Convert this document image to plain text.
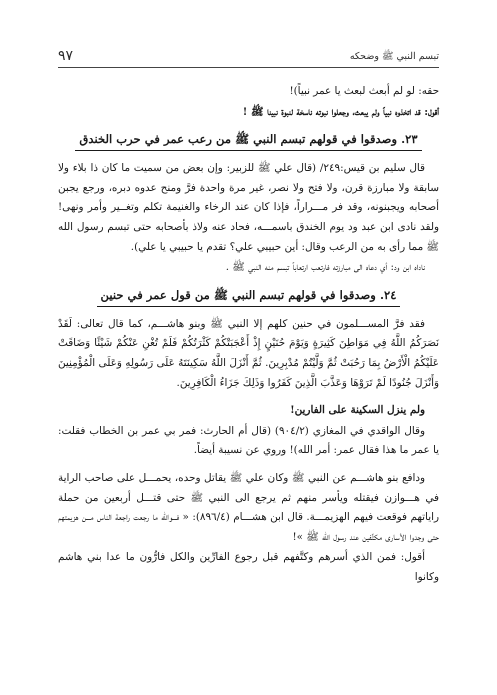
تبسم النبي ﷺ وضحكه
٩٧

حقه: لو لم أبعث لبعث يا عمر نبياً)!

أقول: قد اتخذوه نبياً ولم يبعث، وجعلوا نبوته ناسخة لنبوة نبينا ﷺ !

٢٣. وصدقوا في قولهم تبسم النبي ﷺ من رعب عمر في حرب الخندق

قال سليم بن قيس:٢٤٩/ (قال علي ﷺ للزبير: وإن بعض من سميت ما كان ذا بلاء ولا سابقة ولا مبارزة قرن، ولا فتح ولا نصر، غير مرة واحدة فرَّ ومنح عدوه دبره، ورجع يجبن أصحابه ويجبنونه، وقد فر مـــراراً، فإذا كان عند الرخاء والغنيمة تكلم وتغــير وأمر ونهى! ولقد نادى ابن عبد ود يوم الخندق باسمـــه، فحاد عنه ولاذ بأصحابه حتى تبسم رسول الله ﷺ مما رأى به من الرعب وقال: أين حبيبي علي؟ تقدم يا حبيبي يا علي).

ناداه ابن ود: أي دعاه الى مبارزته فارتعب ارتعاباً تبسم منه النبي ﷺ .

٢٤. وصدقوا في قولهم تبسم النبي ﷺ من قول عمر في حنين

فقد فرَّ المســـلمون في حنين كلهم إلا النبي ﷺ وبنو هاشـــم، كما قال تعالى: لَقَدْ نَصَرَكُمُ اللَّهُ فِي مَوَاطِنَ كَثِيرَةٍ وَيَوْمَ حُنَيْنٍ إِذْ أَعْجَبَتْكُمْ كَثْرَتُكُمْ فَلَمْ تُغْنِ عَنْكُمْ شَيْئًا وَضَاقَتْ عَلَيْكُمُ الْأَرْضُ بِمَا رَحُبَتْ ثُمَّ وَلَّيْتُمْ مُدْبِرِينَ. ثُمَّ أَنْزَلَ اللَّهُ سَكِينَتَهُ عَلَى رَسُولِهِ وَعَلَى الْمُؤْمِنِينَ وَأَنْزَلَ جُنُودًا لَمْ تَرَوْهَا وَعَذَّبَ الَّذِينَ كَفَرُوا وَذَلِكَ جَزَاءُ الْكَافِرِينَ.

ولم ينزل السكينة على الفارين!

وقال الواقدي في المغازي (٩٠٤/٢) (قال أم الحارث: فمر بي عمر بن الخطاب فقلت: يا عمر ما هذا فقال عمر: أمر الله)! وروي عن نسيبة أيضاً.

ودافع بنو هاشـــم عن النبي ﷺ وكان علي ﷺ يقاتل وحده، يحمـــل على صاحب الراية في هـــوازن فيقتله ويأسر منهم ثم يرجع الى النبي ﷺ حتى قتـــل أربعين من حملة راياتهم فوقعت فيهم الهزيمـــة. قال ابن هشـــام (٨٩٦/٤): « فـــوالله ما رجعت راجعة الناس مـــن هزيمتهم حتى وجدوا الأسارى مكتَّفين عند رسول الله ﷺ »!

أقول: فمن الذي أسرهم وكتَّفهم قبل رجوع الفارِّين والكل فارُّون ما عدا بني هاشم وكانوا
